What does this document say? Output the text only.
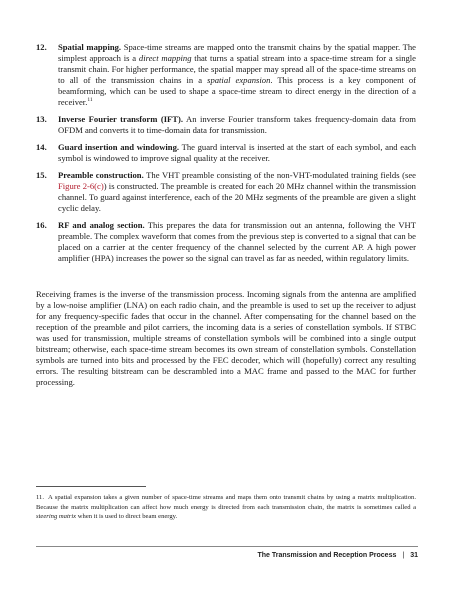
12. Spatial mapping. Space-time streams are mapped onto the transmit chains by the spatial mapper. The simplest approach is a direct mapping that turns a spatial stream into a space-time stream for a single transmit chain. For higher performance, the spatial mapper may spread all of the space-time streams on to all of the transmission chains in a spatial expansion. This process is a key component of beamforming, which can be used to shape a space-time stream to direct energy in the direction of a receiver.$^{11}$
13. Inverse Fourier transform (IFT). An inverse Fourier transform takes frequency-domain data from OFDM and converts it to time-domain data for transmission.
14. Guard insertion and windowing. The guard interval is inserted at the start of each symbol, and each symbol is windowed to improve signal quality at the receiver.
15. Preamble construction. The VHT preamble consisting of the non-VHT-modulated training fields (see Figure 2-6(c)) is constructed. The preamble is created for each 20 MHz channel within the transmission channel. To guard against interference, each of the 20 MHz segments of the preamble are given a slight cyclic delay.
16. RF and analog section. This prepares the data for transmission out an antenna, following the VHT preamble. The complex waveform that comes from the previous step is converted to a signal that can be placed on a carrier at the center frequency of the channel selected by the current AP. A high power amplifier (HPA) increases the power so the signal can travel as far as needed, within regulatory limits.

Receiving frames is the inverse of the transmission process. Incoming signals from the antenna are amplified by a low-noise amplifier (LNA) on each radio chain, and the preamble is used to set up the receiver to adjust for any frequency-specific fades that occur in the channel. After compensating for the channel based on the reception of the preamble and pilot carriers, the incoming data is a series of constellation symbols. If STBC was used for transmission, multiple streams of constellation symbols will be combined into a single output bitstream; otherwise, each space-time stream becomes its own stream of constellation symbols. Constellation symbols are turned into bits and processed by the FEC decoder, which will (hopefully) correct any resulting errors. The resulting bitstream can be descrambled into a MAC frame and passed to the MAC for further processing.

11. A spatial expansion takes a given number of space-time streams and maps them onto transmit chains by using a matrix multiplication. Because the matrix multiplication can affect how much energy is directed from each transmission chain, the matrix is sometimes called a steering matrix when it is used to direct beam energy.

The Transmission and Reception Process | 31
